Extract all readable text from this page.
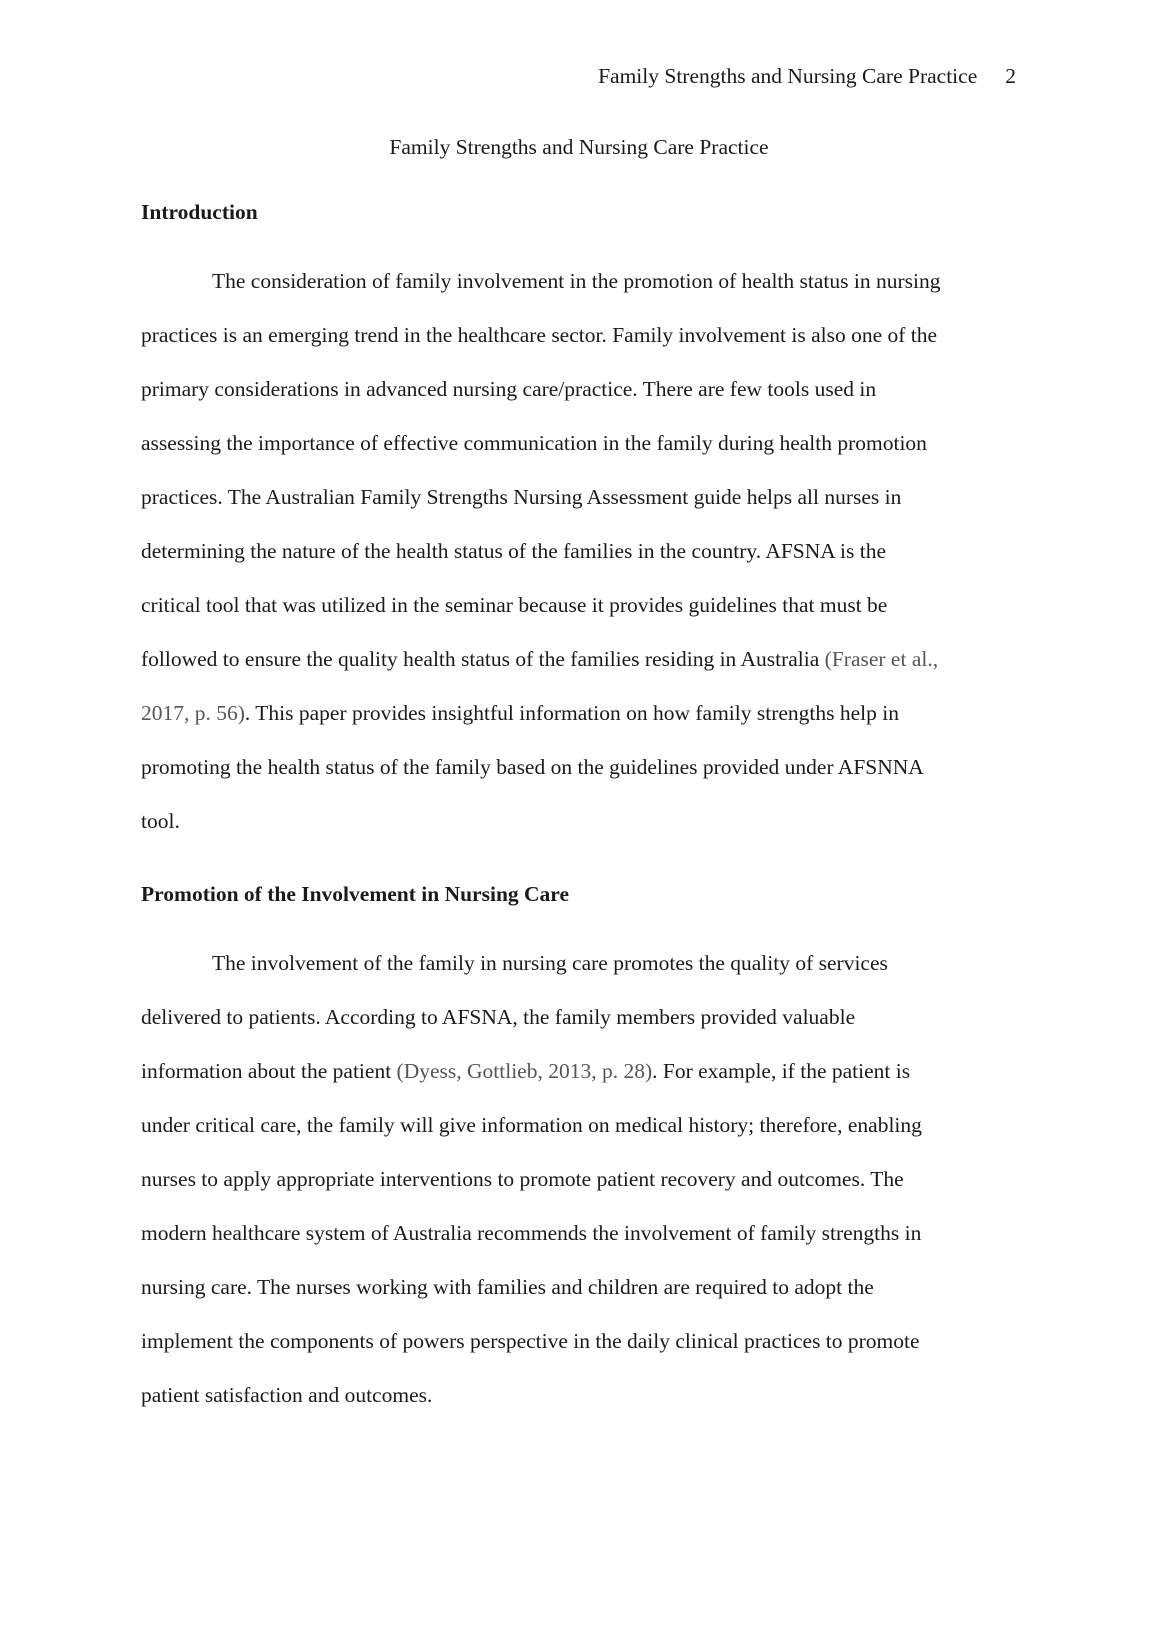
Family Strengths and Nursing Care Practice 2
Family Strengths and Nursing Care Practice
Introduction
The consideration of family involvement in the promotion of health status in nursing
practices is an emerging trend in the healthcare sector. Family involvement is also one of the
primary considerations in advanced nursing care/practice. There are few tools used in
assessing the importance of effective communication in the family during health promotion
practices. The Australian Family Strengths Nursing Assessment guide helps all nurses in
determining the nature of the health status of the families in the country. AFSNA is the
critical tool that was utilized in the seminar because it provides guidelines that must be
followed to ensure the quality health status of the families residing in Australia (Fraser et al.,
2017, p. 56). This paper provides insightful information on how family strengths help in
promoting the health status of the family based on the guidelines provided under AFSNNA
tool.
Promotion of the Involvement in Nursing Care
The involvement of the family in nursing care promotes the quality of services
delivered to patients. According to AFSNA, the family members provided valuable
information about the patient (Dyess, Gottlieb, 2013, p. 28). For example, if the patient is
under critical care, the family will give information on medical history; therefore, enabling
nurses to apply appropriate interventions to promote patient recovery and outcomes. The
modern healthcare system of Australia recommends the involvement of family strengths in
nursing care. The nurses working with families and children are required to adopt the
implement the components of powers perspective in the daily clinical practices to promote
patient satisfaction and outcomes.
